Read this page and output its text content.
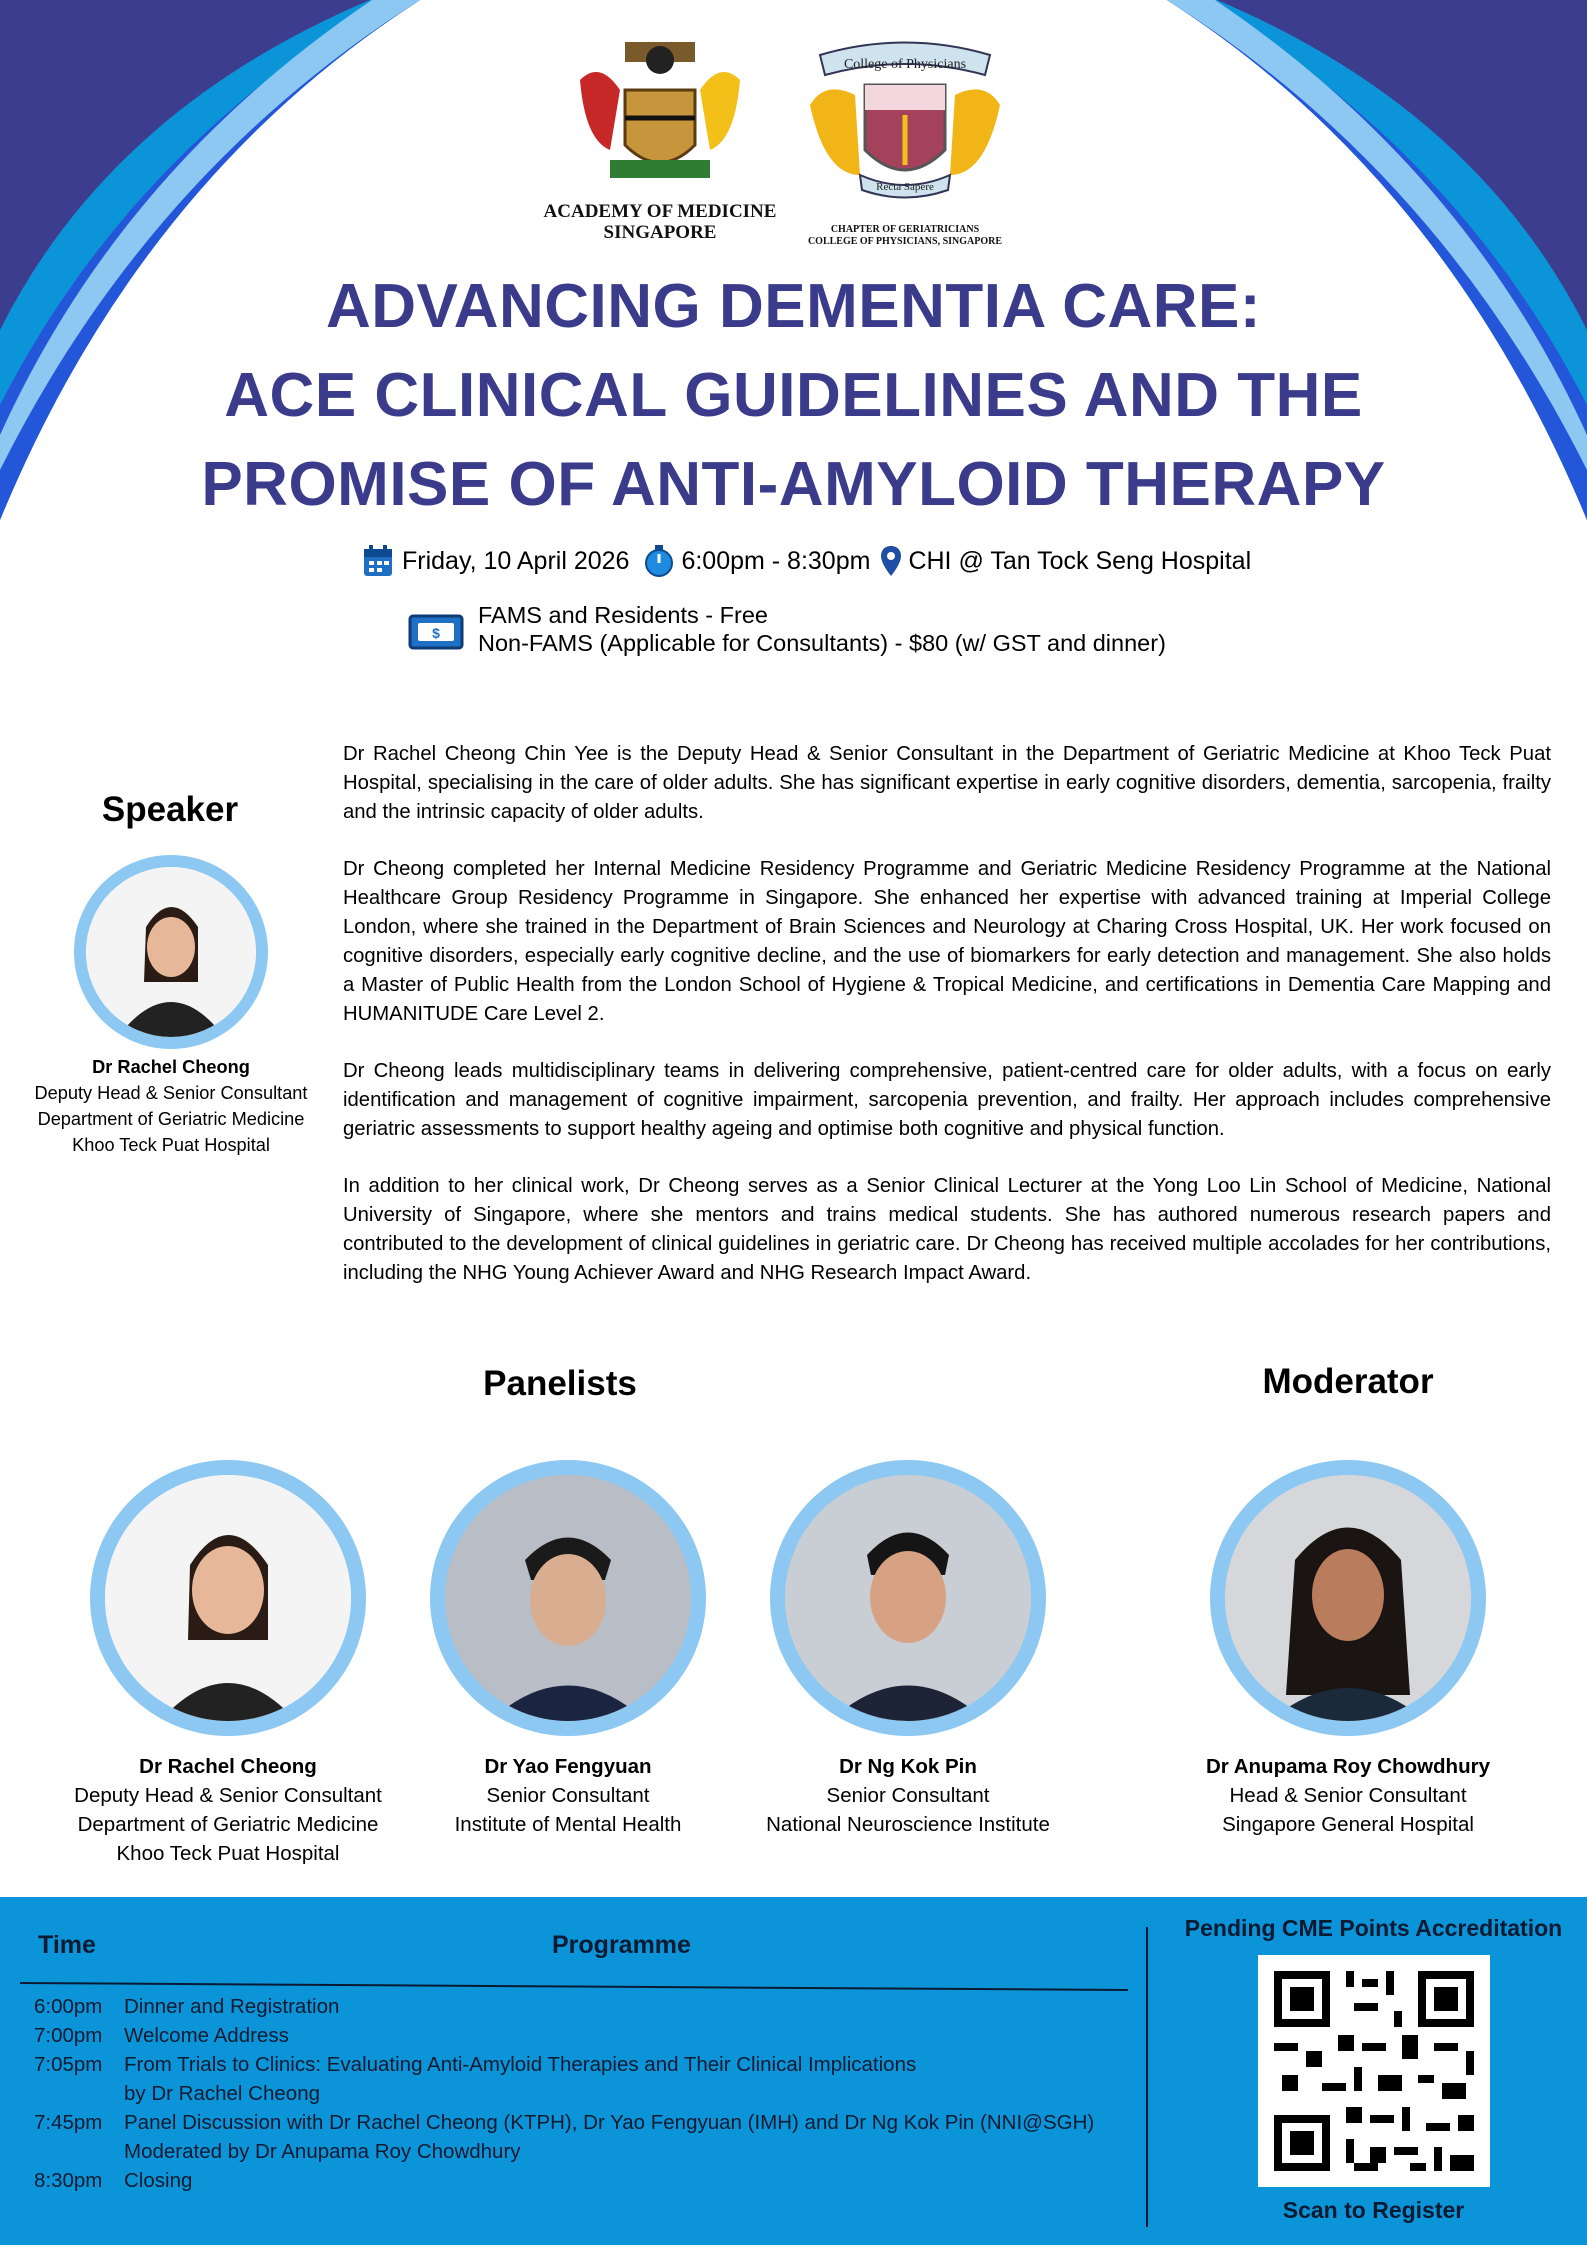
ACADEMY OF MEDICINE
SINGAPORE
College of Physicians
Recta Sapere
CHAPTER OF GERIATRICIANS
COLLEGE OF PHYSICIANS, SINGAPORE
ADVANCING DEMENTIA CARE:
ACE CLINICAL GUIDELINES AND THE
PROMISE OF ANTI-AMYLOID THERAPY
Friday, 10 April 2026 6:00pm - 8:30pm CHI @ Tan Tock Seng Hospital
$
FAMS and Residents - Free
Non-FAMS (Applicable for Consultants) - $80 (w/ GST and dinner)
Speaker
Dr Rachel Cheong
Deputy Head & Senior Consultant
Department of Geriatric Medicine
Khoo Teck Puat Hospital

Dr Rachel Cheong Chin Yee is the Deputy Head & Senior Consultant in the Department of Geriatric Medicine at Khoo Teck Puat Hospital, specialising in the care of older adults. She has significant expertise in early cognitive disorders, dementia, sarcopenia, frailty and the intrinsic capacity of older adults.

Dr Cheong completed her Internal Medicine Residency Programme and Geriatric Medicine Residency Programme at the National Healthcare Group Residency Programme in Singapore. She enhanced her expertise with advanced training at Imperial College London, where she trained in the Department of Brain Sciences and Neurology at Charing Cross Hospital, UK. Her work focused on cognitive disorders, especially early cognitive decline, and the use of biomarkers for early detection and management. She also holds a Master of Public Health from the London School of Hygiene & Tropical Medicine, and certifications in Dementia Care Mapping and HUMANITUDE Care Level 2.

Dr Cheong leads multidisciplinary teams in delivering comprehensive, patient-centred care for older adults, with a focus on early identification and management of cognitive impairment, sarcopenia prevention, and frailty. Her approach includes comprehensive geriatric assessments to support healthy ageing and optimise both cognitive and physical function.

In addition to her clinical work, Dr Cheong serves as a Senior Clinical Lecturer at the Yong Loo Lin School of Medicine, National University of Singapore, where she mentors and trains medical students. She has authored numerous research papers and contributed to the development of clinical guidelines in geriatric care. Dr Cheong has received multiple accolades for her contributions, including the NHG Young Achiever Award and NHG Research Impact Award.

Panelists	Moderator
Dr Rachel Cheong
Deputy Head & Senior Consultant
Department of Geriatric Medicine
Khoo Teck Puat Hospital
Dr Yao Fengyuan
Senior Consultant
Institute of Mental Health
Dr Ng Kok Pin
Senior Consultant
National Neuroscience Institute
Dr Anupama Roy Chowdhury
Head & Senior Consultant
Singapore General Hospital
Time	Programme
6:00pm	Dinner and Registration
7:00pm	Welcome Address
7:05pm	From Trials to Clinics: Evaluating Anti-Amyloid Therapies and Their Clinical Implications
by Dr Rachel Cheong
7:45pm	Panel Discussion with Dr Rachel Cheong (KTPH), Dr Yao Fengyuan (IMH) and Dr Ng Kok Pin (NNI@SGH)
Moderated by Dr Anupama Roy Chowdhury
8:30pm	Closing
Pending CME Points Accreditation
Scan to Register
